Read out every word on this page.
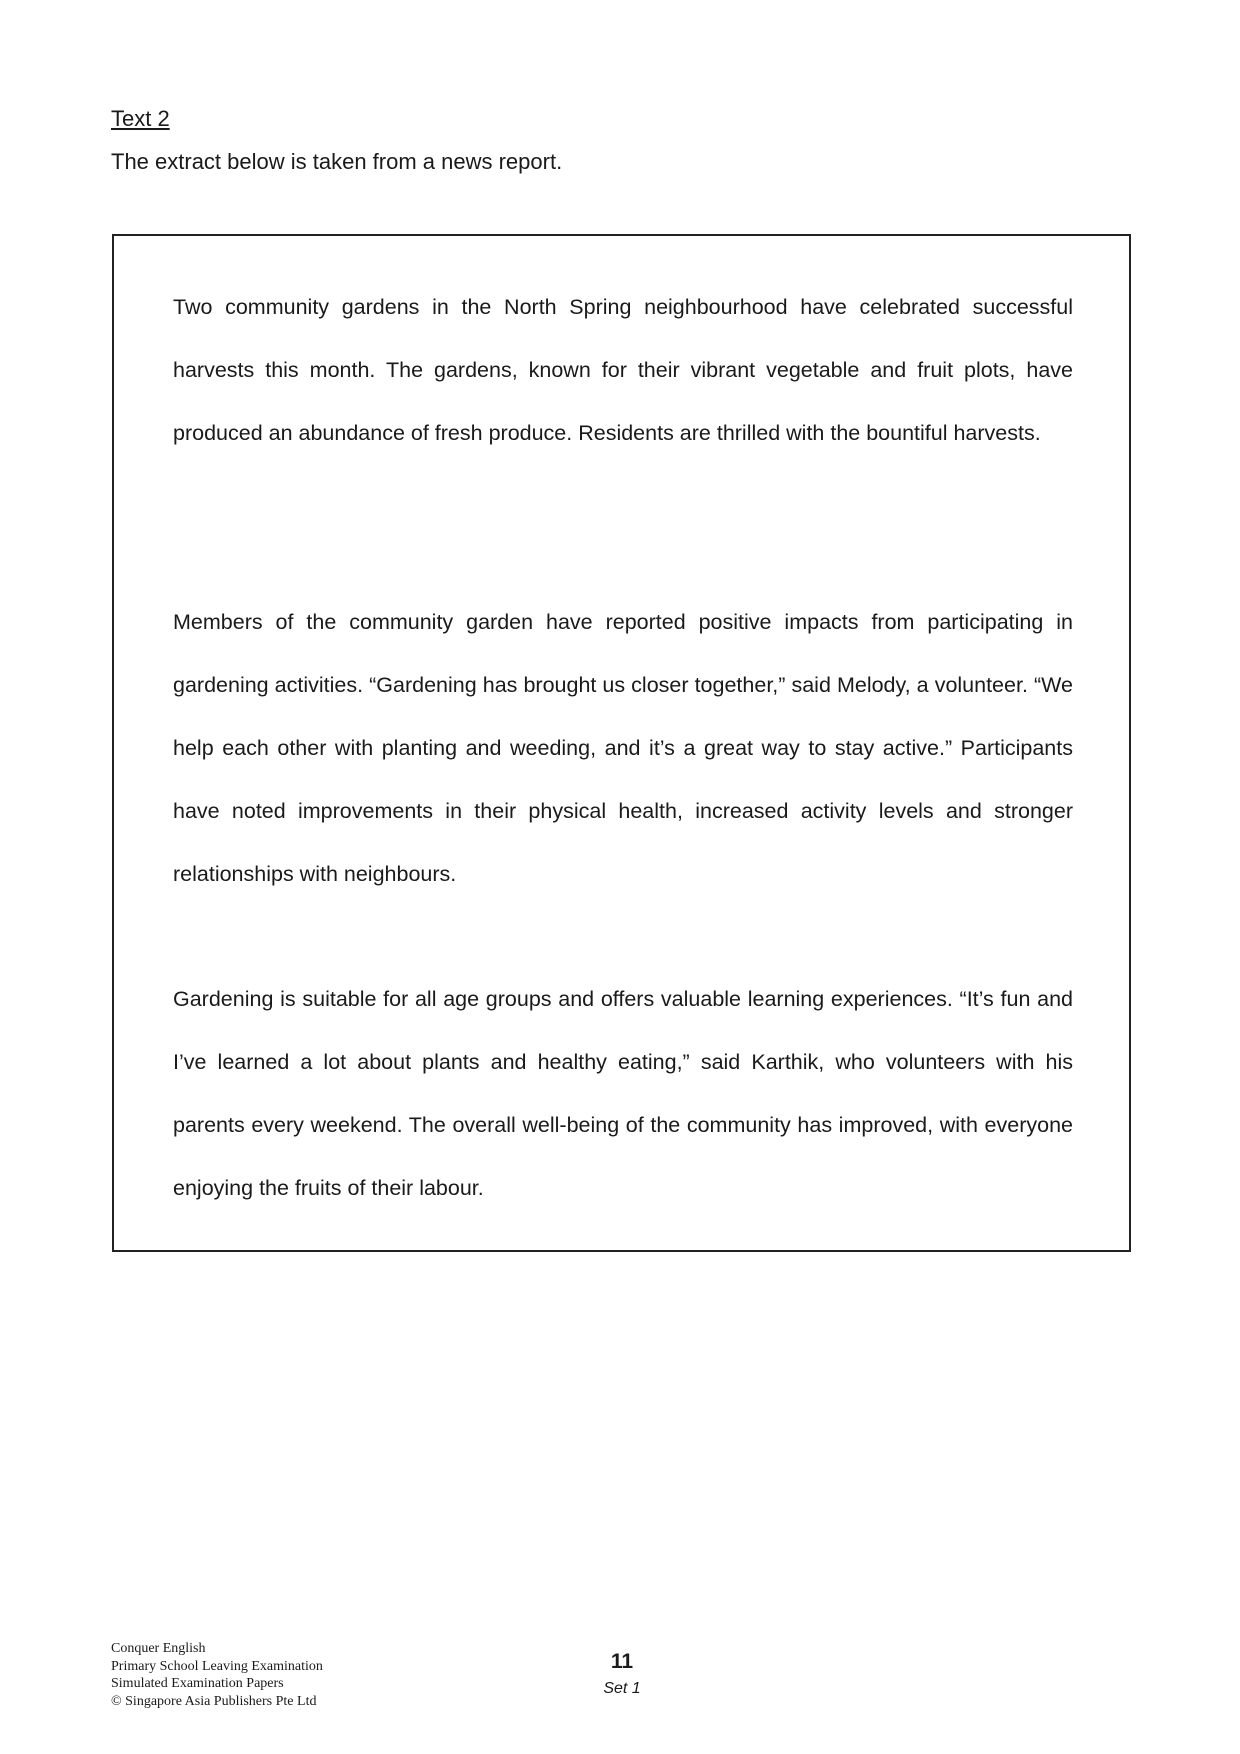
Text 2
The extract below is taken from a news report.
Two community gardens in the North Spring neighbourhood have celebrated successful harvests this month. The gardens, known for their vibrant vegetable and fruit plots, have produced an abundance of fresh produce. Residents are thrilled with the bountiful harvests.
Members of the community garden have reported positive impacts from participating in gardening activities. “Gardening has brought us closer together,” said Melody, a volunteer. “We help each other with planting and weeding, and it’s a great way to stay active.” Participants have noted improvements in their physical health, increased activity levels and stronger relationships with neighbours.
Gardening is suitable for all age groups and offers valuable learning experiences. “It’s fun and I’ve learned a lot about plants and healthy eating,” said Karthik, who volunteers with his parents every weekend. The overall well-being of the community has improved, with everyone enjoying the fruits of their labour.
Conquer English
Primary School Leaving Examination
Simulated Examination Papers
© Singapore Asia Publishers Pte Ltd
11
Set 1
